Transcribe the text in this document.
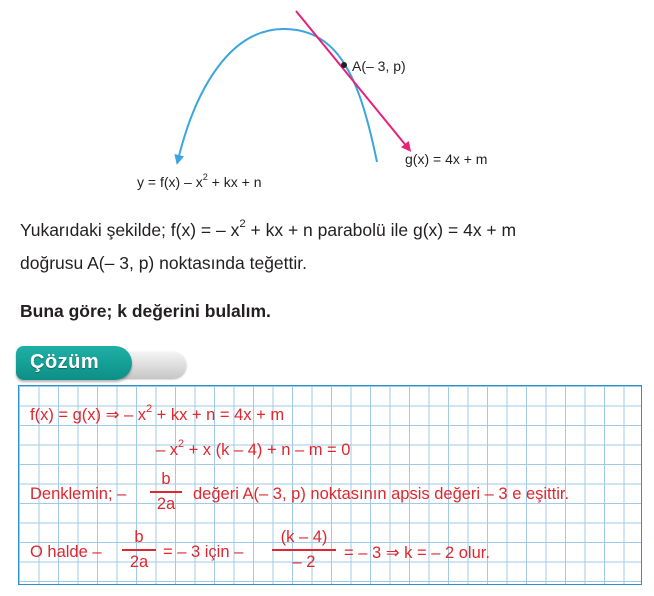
A(– 3, p)
g(x) = 4x + m
$y = f(x) - x^2$ + kx + n
Yukarıdaki şekilde; f(x) = – $x^2$ + kx + n parabolü ile g(x) = 4x + m
doğrusu A(– 3, p) noktasında teğettir.
Buna göre; k değerini bulalım.
Çözüm
f(x) = g(x) ⇒ – $x^2$ + kx + n = 4x + m
– $x^2 + x$ (k – 4) + n – m = 0
Denklemin; –
b
2a
değeri A(– 3, p) noktasının apsis değeri – 3 e eşittir.
O halde –
b
2a
= – 3 için –
(k – 4)
– 2	= – 3 ⇒ k = – 2 olur.
